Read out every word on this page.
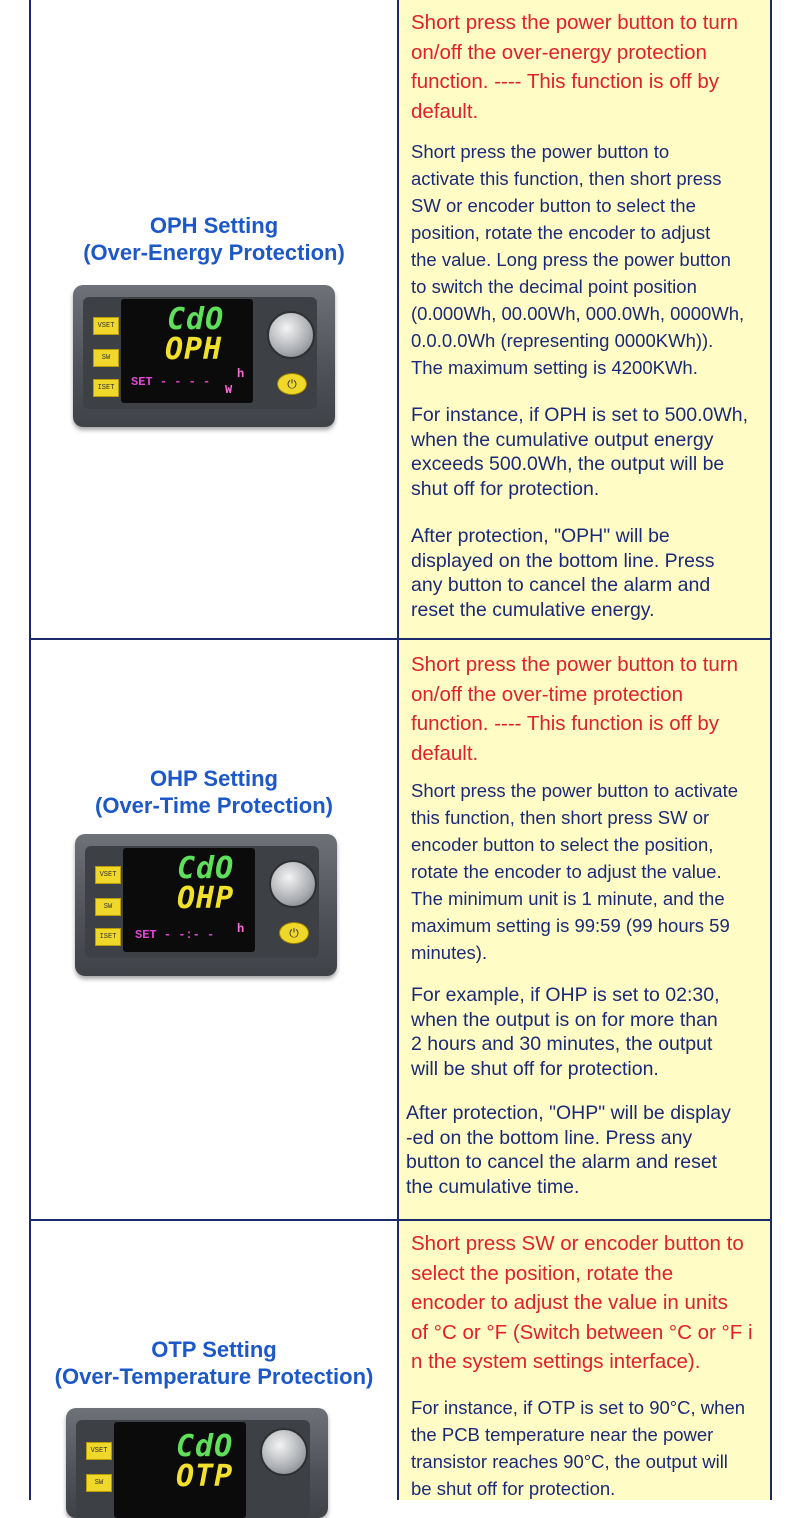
OPH Setting
(Over-Energy Protection)
VSET
SW
ISET
CdO
OPH
SET - - - -
h
W	⏻
Short press the power button to turn
on/off the over-energy protection
function. ---- This function is off by
default.
Short press the power button to
activate this function, then short press
SW or encoder button to select the
position, rotate the encoder to adjust
the value. Long press the power button
to switch the decimal point position
(0.000Wh, 00.00Wh, 000.0Wh, 0000Wh,
0.0.0.0Wh (representing 0000KWh)).
The maximum setting is 4200KWh.
For instance, if OPH is set to 500.0Wh,
when the cumulative output energy
exceeds 500.0Wh, the output will be
shut off for protection.
After protection, "OPH" will be
displayed on the bottom line. Press
any button to cancel the alarm and
reset the cumulative energy.
OHP Setting
(Over-Time Protection)
VSET
SW
ISET
CdO
OHP
SET - -:- - h	⏻
Short press the power button to turn
on/off the over-time protection
function. ---- This function is off by
default.
Short press the power button to activate
this function, then short press SW or
encoder button to select the position,
rotate the encoder to adjust the value.
The minimum unit is 1 minute, and the
maximum setting is 99:59 (99 hours 59
minutes).
For example, if OHP is set to 02:30,
when the output is on for more than
2 hours and 30 minutes, the output
will be shut off for protection.
After protection, "OHP" will be display
-ed on the bottom line. Press any
button to cancel the alarm and reset
the cumulative time.
OTP Setting
(Over-Temperature Protection)
VSET
SW
CdO
OTP
Short press SW or encoder button to
select the position, rotate the
encoder to adjust the value in units
of °C or °F (Switch between °C or °F i
n the system settings interface).
For instance, if OTP is set to 90°C, when
the PCB temperature near the power
transistor reaches 90°C, the output will
be shut off for protection.
